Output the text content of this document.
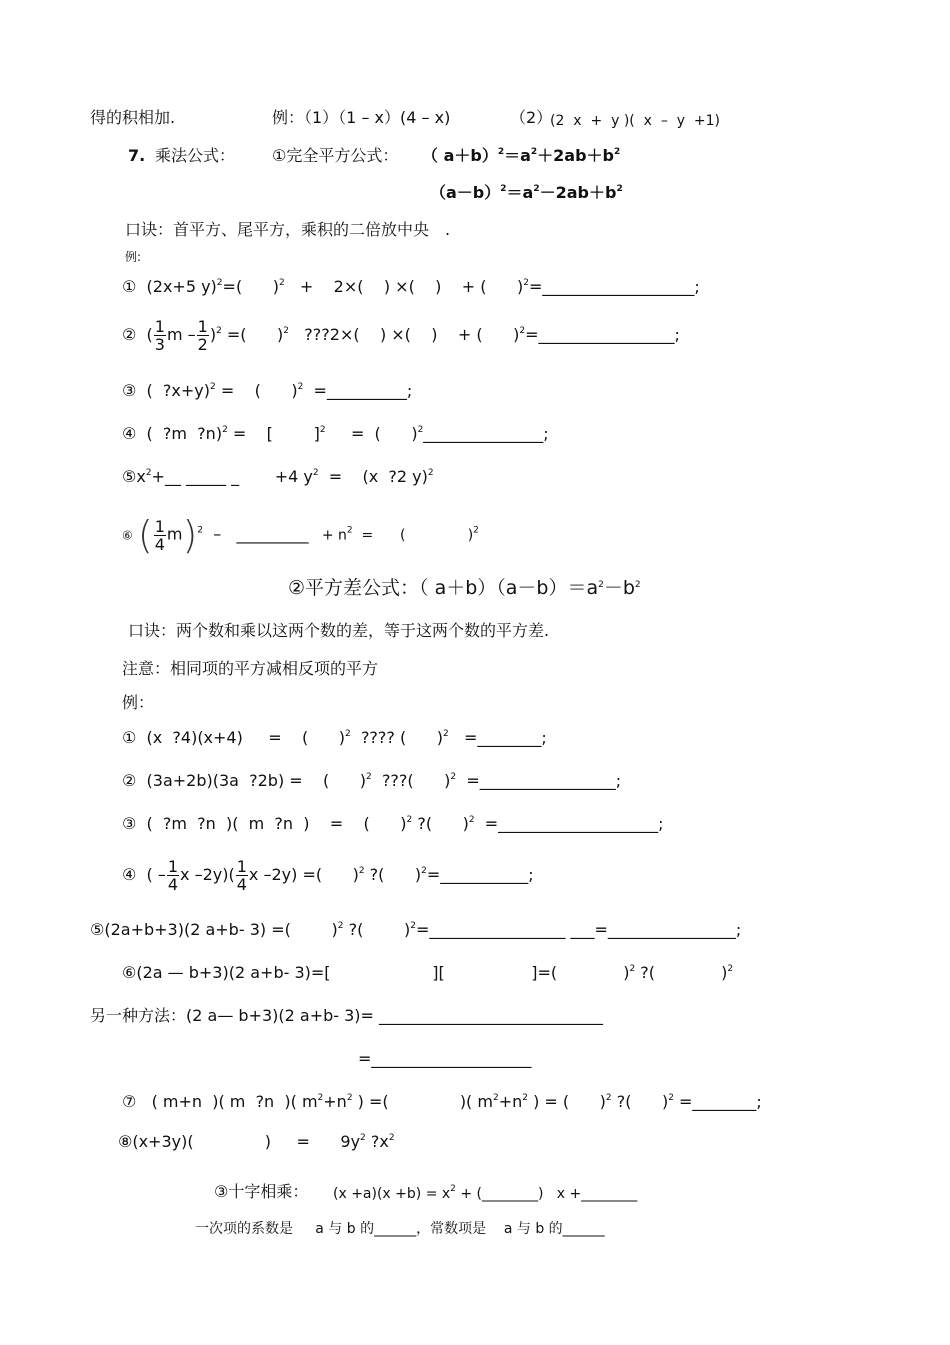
得的积相加.	例：（1）（1 – x）(4 – x)	（2）
(2  x  +  y )(  x  –  y  +1)
7. 乘法公式： ①完全平方公式： （ $a+b)^2=a^2+2ab+b^2$
$(a-b)^2=a^2-2ab+b^2$
口诀：首平方、尾平方，乘积的二倍放中央　.
例:
① (2x+5 y)$^2$=(      )$^2$   +    2×(    ) ×(    )    + (      )$^2$=___________________;
② ( $\frac{1}{3}$ m – $\frac{1}{2} )^2$ =(      )$^2$   ???2×(    ) ×(    )    + (      )$^2$=_________________;
③ (  ?x+y)$^2$ =    (      )$^2$  =__________;
④ (  ?m  ?n)$^2$ =    [        ]$^2$     =  (      )$^2$_______________;
$⑤x^2+\_\_$ _____ _       +4 $y^2$  =    (x  ?2 y)$^2$
⑥ ( $\frac{1}{4} m)^2$  –   _________   + $n^2$  =      (              )$^2$
②平方差公式：（ $a+b)(a-b)=a^2-b^2$
口诀：两个数和乘以这两个数的差，等于这两个数的平方差.
注意：相同项的平方减相反项的平方
例：
① (x  ?4)(x+4)     =    (      )$^2$  ???? (      )$^2$   =________;
② (3a+2b)(3a  ?2b) =    (      )$^2$  ???(      )$^2$  =_________________;
③ (  ?m  ?n  )(  m  ?n  )    =    (      )$^2$ ?(      )$^2$  =____________________;
④ ( – $\frac{1}{4}$ x $-2y)( \frac{1}{4}$ x –2y) =(      )$^2$ ?(      )$^2$=___________;
⑤(2a+b+3)(2 a+b- 3) =(        )$^2$ ?(        )$^2$=_________________ ___=________________;
⑥(2a — b+3)(2 a+b- 3)=[                    ][                 ]=(             )$^2$ ?(             )$^2$
另一种方法：(2 a— b+3)(2 a+b- 3)= ____________________________
=____________________
⑦   ( m+n  )( m  ?n  )( $m^2+n^2$ ) =(              )( $m^2+n^2$ ) = (      )$^2$ ?(      )$^2$ =________;
⑧(x+3y)(              )     =      $9y^2$ $?x^2$
③十字相乘： $(x +a)(x +b) = x^2$ + (________)   x +________
一次项的系数是     a 与 b 的______，常数项是    a 与 b 的______
